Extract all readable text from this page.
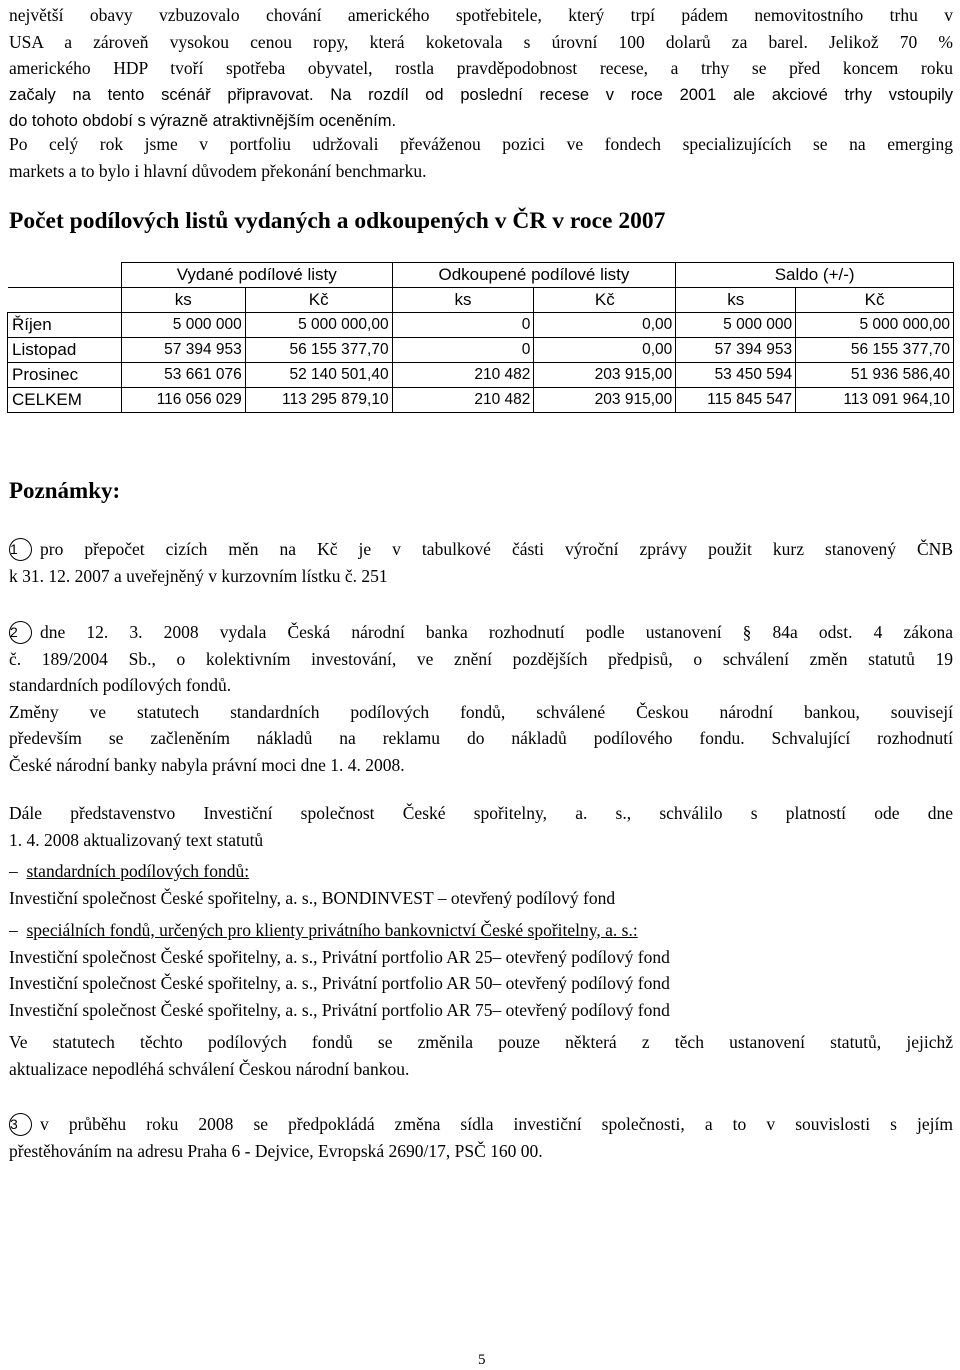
největší obavy vzbuzovalo chování amerického spotřebitele, který trpí pádem nemovitostního trhu v
USA a zároveň vysokou cenou ropy, která koketovala s úrovní 100 dolarů za barel. Jelikož 70 %
amerického HDP tvoří spotřeba obyvatel, rostla pravděpodobnost recese, a trhy se před koncem roku
začaly na tento scénář připravovat. Na rozdíl od poslední recese v roce 2001 ale akciové trhy vstoupily
do tohoto období s výrazně atraktivnějším oceněním.
Po celý rok jsme v portfoliu udržovali převáženou pozici ve fondech specializujících se na emerging
markets a to bylo i hlavní důvodem překonání benchmarku.
Počet podílových listů vydaných a odkoupených v ČR v roce 2007
	Vydané podílové listy		Odkoupené podílové listy		Saldo (+/-)	
	ks	Kč	ks	Kč	ks	Kč
Říjen	5 000 000	5 000 000,00	0	0,00	5 000 000	5 000 000,00
Listopad	57 394 953	56 155 377,70	0	0,00	57 394 953	56 155 377,70
Prosinec	53 661 076	52 140 501,40	210 482	203 915,00	53 450 594	51 936 586,40
CELKEM	116 056 029	113 295 879,10	210 482	203 915,00	115 845 547	113 091 964,10
Poznámky:
1 pro přepočet cizích měn na Kč je v tabulkové části výroční zprávy použit kurz stanovený ČNB
k 31. 12. 2007 a uveřejněný v kurzovním lístku č. 251
2 dne 12. 3. 2008 vydala Česká národní banka rozhodnutí podle ustanovení § 84a odst. 4 zákona
č. 189/2004 Sb., o kolektivním investování, ve znění pozdějších předpisů, o schválení změn statutů 19
standardních podílových fondů.
Změny ve statutech standardních podílových fondů, schválené Českou národní bankou, souvisejí
především se začleněním nákladů na reklamu do nákladů podílového fondu. Schvalující rozhodnutí
České národní banky nabyla právní moci dne 1. 4. 2008.
Dále představenstvo Investiční společnost České spořitelny, a. s., schválilo s platností ode dne
1. 4. 2008 aktualizovaný text statutů
– standardních podílových fondů:
Investiční společnost České spořitelny, a. s., BONDINVEST – otevřený podílový fond
– speciálních fondů, určených pro klienty privátního bankovnictví České spořitelny, a. s.:
Investiční společnost České spořitelny, a. s., Privátní portfolio AR 25– otevřený podílový fond
Investiční společnost České spořitelny, a. s., Privátní portfolio AR 50– otevřený podílový fond
Investiční společnost České spořitelny, a. s., Privátní portfolio AR 75– otevřený podílový fond
Ve statutech těchto podílových fondů se změnila pouze některá z těch ustanovení statutů, jejichž
aktualizace nepodléhá schválení Českou národní bankou.
3 v průběhu roku 2008 se předpokládá změna sídla investiční společnosti, a to v souvislosti s jejím
přestěhováním na adresu Praha 6 - Dejvice, Evropská 2690/17, PSČ 160 00.
5
